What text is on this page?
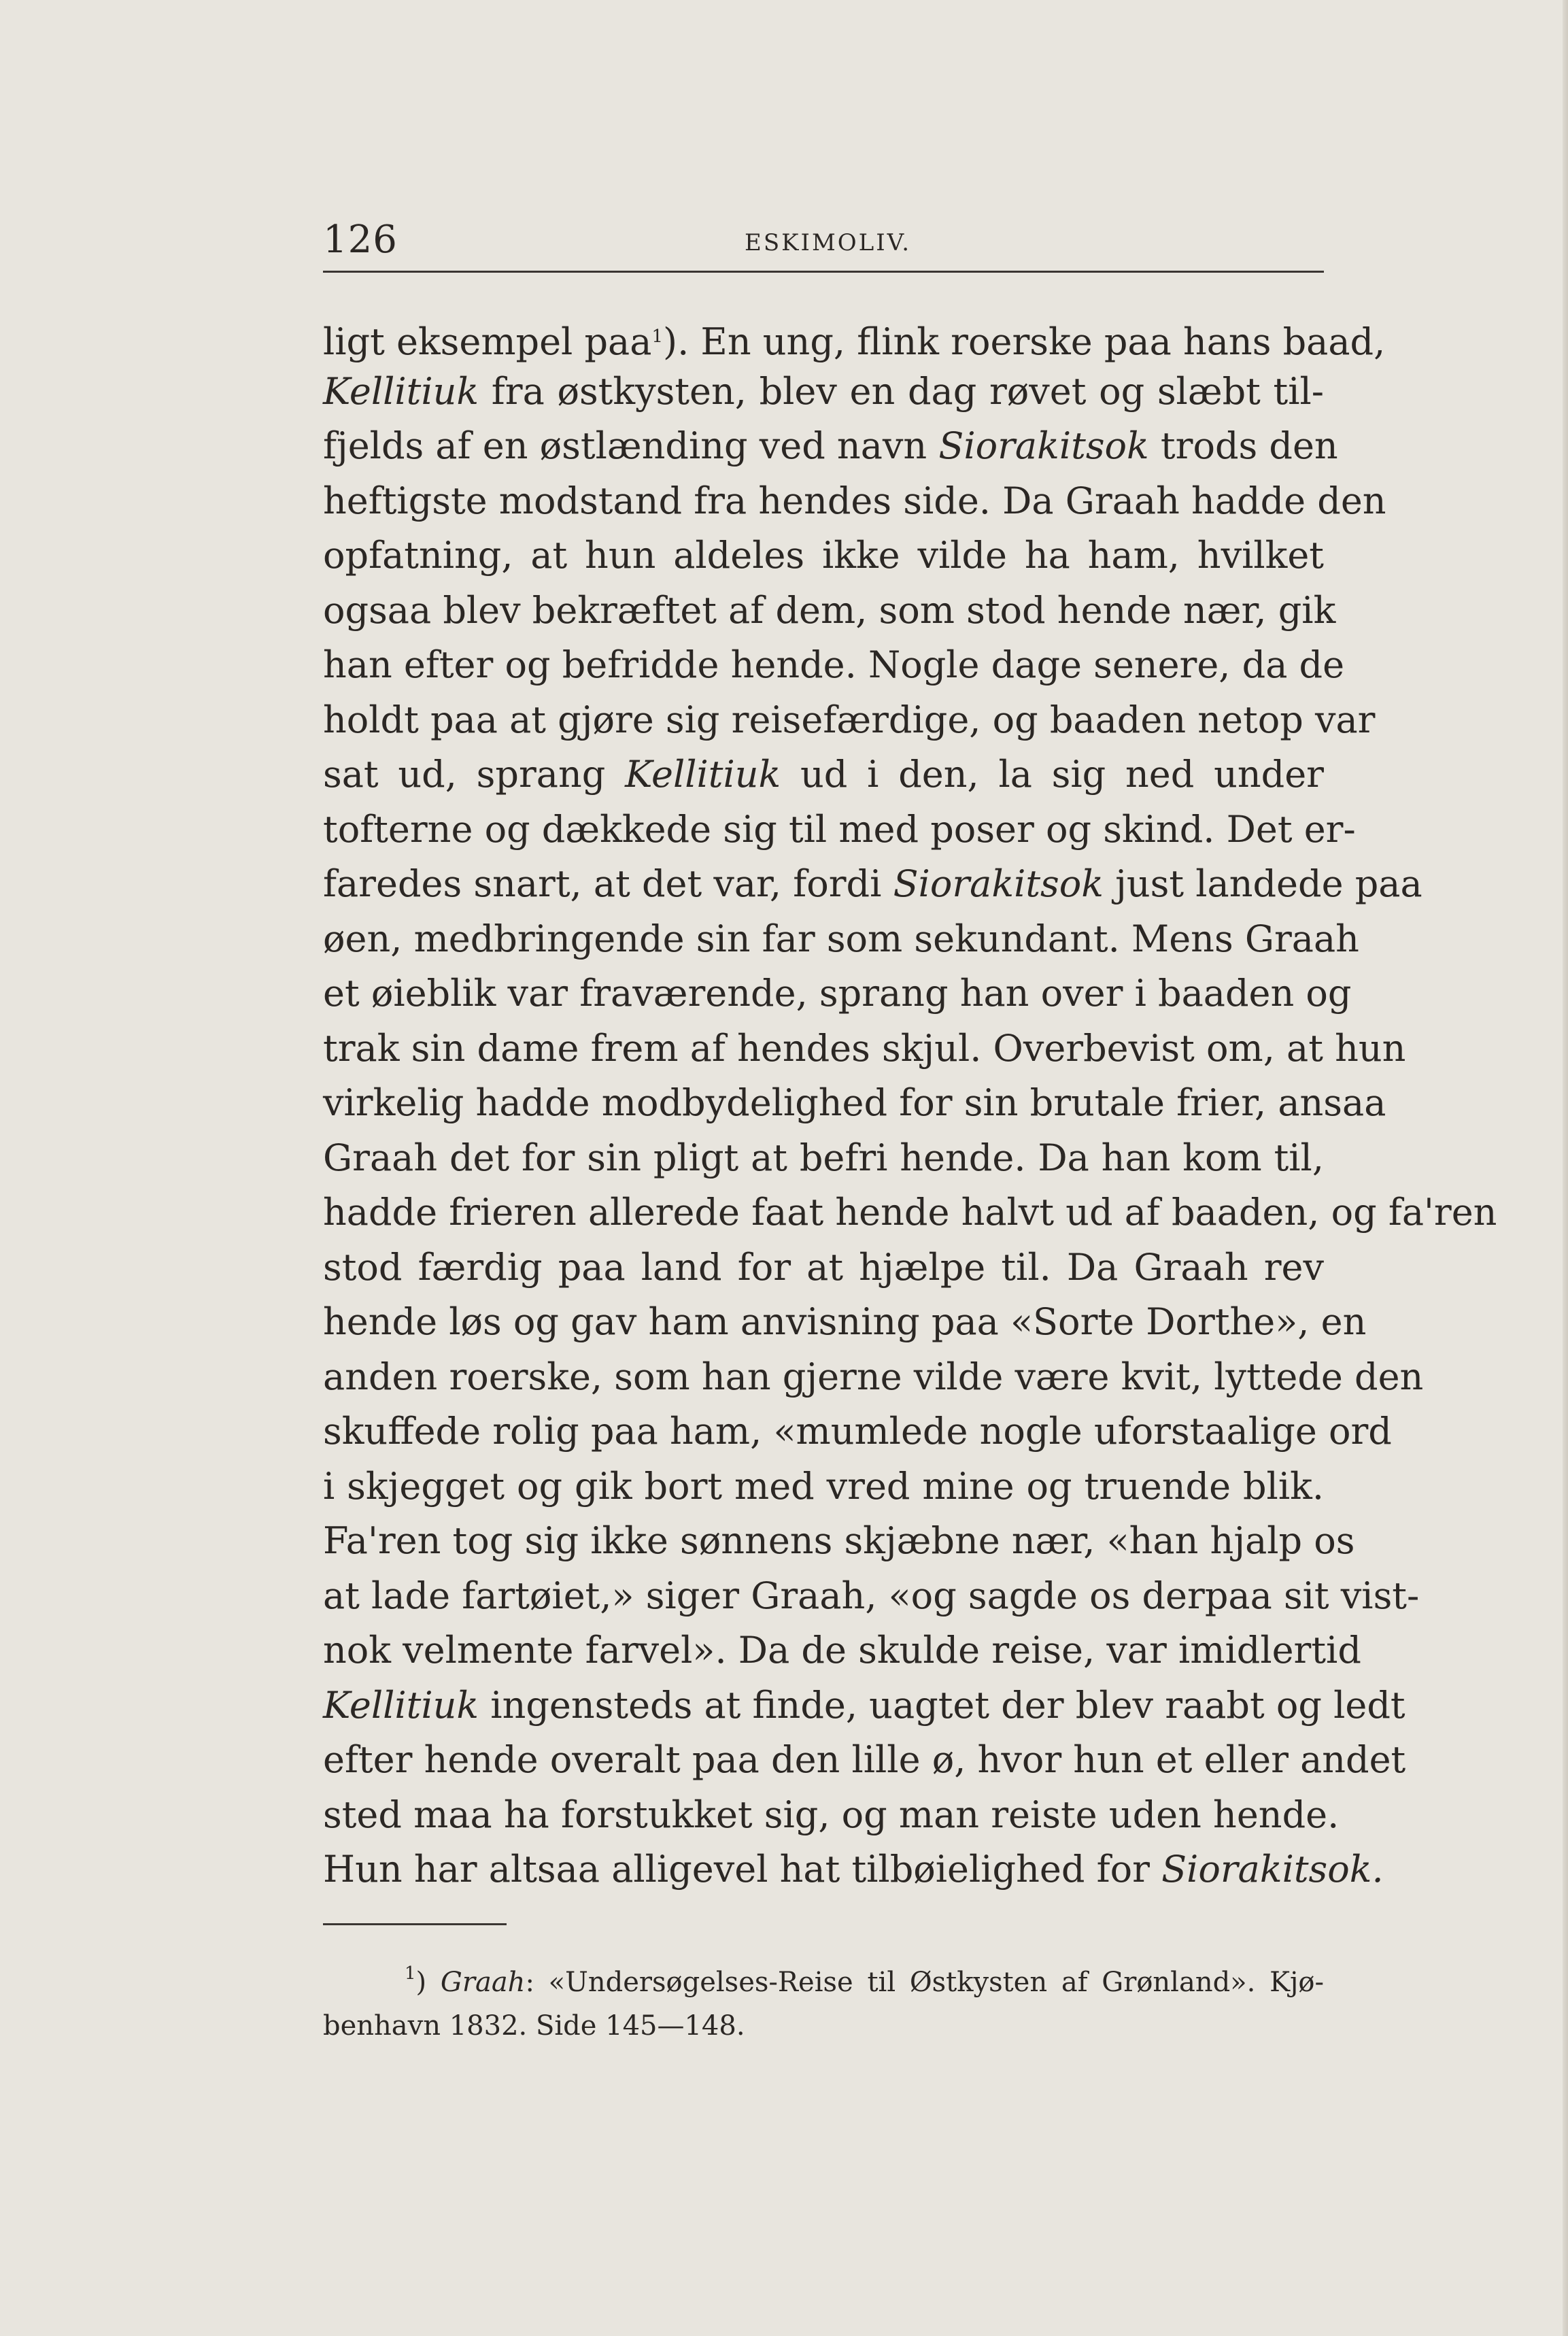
126	ESKIMOLIV.
ligt eksempel paa$^1$). En ung, flink roerske paa hans baad,
Kellitiuk fra østkysten, blev en dag røvet og slæbt til-
fjelds af en østlænding ved navn Siorakitsok trods den
heftigste modstand fra hendes side. Da Graah hadde den
opfatning, at hun aldeles ikke vilde ha ham, hvilket
ogsaa blev bekræftet af dem, som stod hende nær, gik
han efter og befridde hende. Nogle dage senere, da de
holdt paa at gjøre sig reisefærdige, og baaden netop var
sat ud, sprang Kellitiuk ud i den, la sig ned under
tofterne og dækkede sig til med poser og skind. Det er-
faredes snart, at det var, fordi Siorakitsok just landede paa
øen, medbringende sin far som sekundant. Mens Graah
et øieblik var fraværende, sprang han over i baaden og
trak sin dame frem af hendes skjul. Overbevist om, at hun
virkelig hadde modbydelighed for sin brutale frier, ansaa
Graah det for sin pligt at befri hende. Da han kom til,
hadde frieren allerede faat hende halvt ud af baaden, og fa'ren
stod færdig paa land for at hjælpe til. Da Graah rev
hende løs og gav ham anvisning paa «Sorte Dorthe», en
anden roerske, som han gjerne vilde være kvit, lyttede den
skuffede rolig paa ham, «mumlede nogle uforstaalige ord
i skjegget og gik bort med vred mine og truende blik.
Fa'ren tog sig ikke sønnens skjæbne nær, «han hjalp os
at lade fartøiet,» siger Graah, «og sagde os derpaa sit vist-
nok velmente farvel». Da de skulde reise, var imidlertid
Kellitiuk ingensteds at finde, uagtet der blev raabt og ledt
efter hende overalt paa den lille ø, hvor hun et eller andet
sted maa ha forstukket sig, og man reiste uden hende.
Hun har altsaa alligevel hat tilbøielighed for Siorakitsok.
$^1$) Graah: «Undersøgelses-Reise til Østkysten af Grønland». Kjø-
benhavn 1832. Side 145—148.
